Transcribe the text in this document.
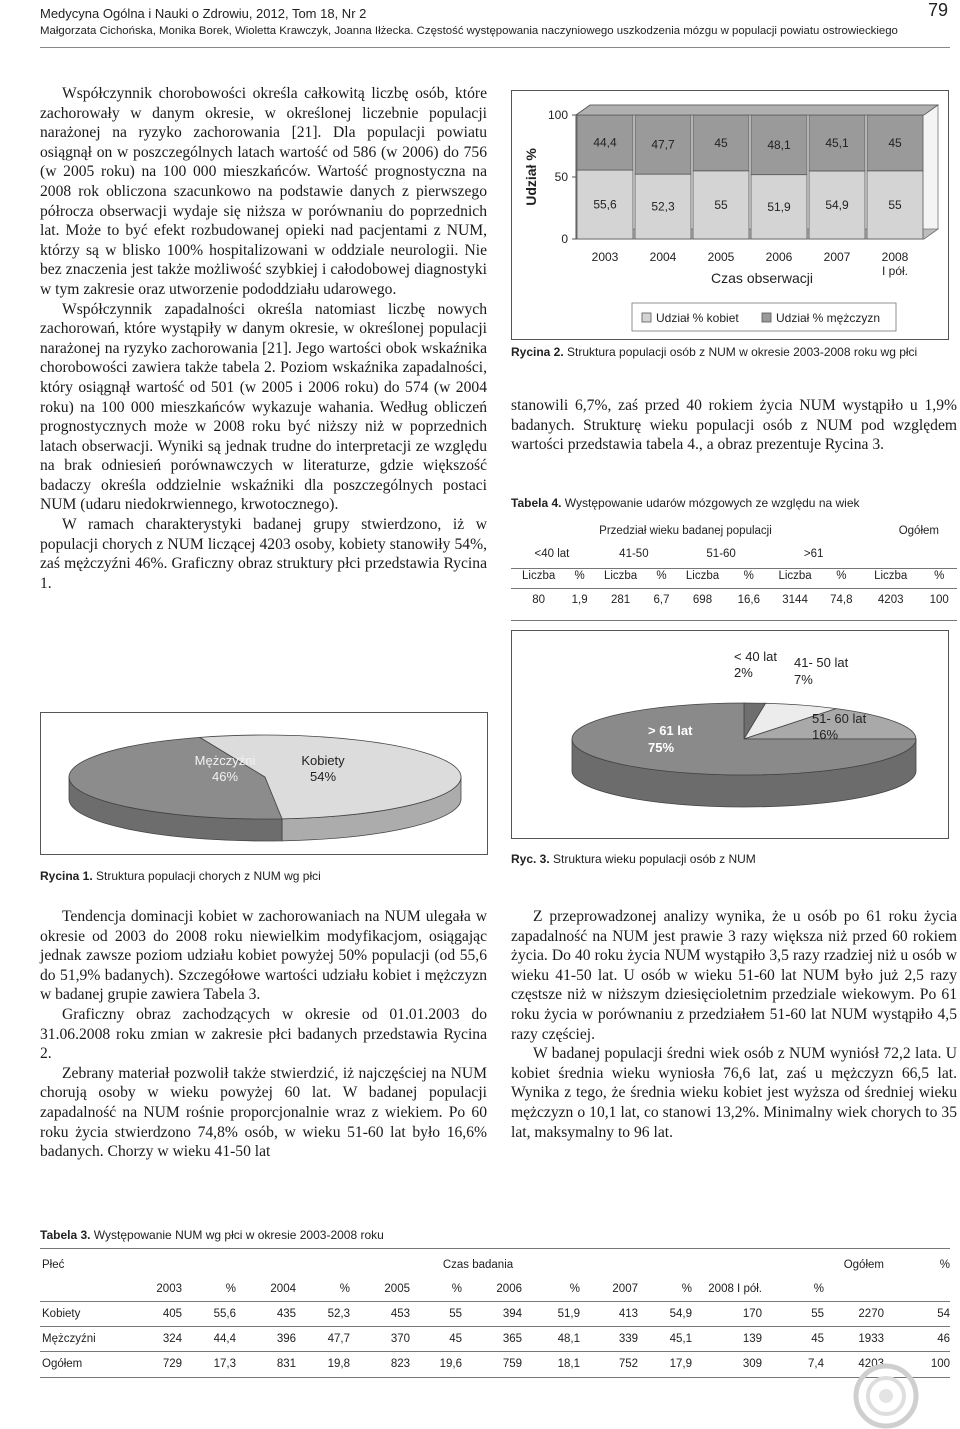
Medycyna Ogólna i Nauki o Zdrowiu, 2012, Tom 18, Nr 2
Małgorzata Cichońska, Monika Borek, Wioletta Krawczyk, Joanna Iłżecka. Częstość występowania naczyniowego uszkodzenia mózgu w populacji powiatu ostrowieckiego
79

Współczynnik chorobowości określa całkowitą liczbę osób, które zachorowały w danym okresie, w określonej liczebnie populacji narażonej na ryzyko zachorowania [21]. Dla populacji powiatu osiągnął on w poszczególnych latach wartość od 586 (w 2006) do 756 (w 2005 roku) na 100 000 mieszkańców. Wartość prognostyczna na 2008 rok obliczona szacunkowo na podstawie danych z pierwszego półrocza obserwacji wydaje się niższa w porównaniu do poprzednich lat. Może to być efekt rozbudowanej opieki nad pacjentami z NUM, którzy są w blisko 100% hospitalizowani w oddziale neurologii. Nie bez znaczenia jest także możliwość szybkiej i całodobowej diagnostyki w tym zakresie oraz utworzenie pododdziału udarowego.

Współczynnik zapadalności określa natomiast liczbę nowych zachorowań, które wystąpiły w danym okresie, w określonej populacji narażonej na ryzyko zachorowania [21]. Jego wartości obok wskaźnika chorobowości zawiera także tabela 2. Poziom wskaźnika zapadalności, który osiągnął wartość od 501 (w 2005 i 2006 roku) do 574 (w 2004 roku) na 100 000 mieszkańców wykazuje wahania. Według obliczeń prognostycznych może w 2008 roku być niższy niż w poprzednich latach obserwacji. Wyniki są jednak trudne do interpretacji ze względu na brak odniesień porównawczych w literaturze, gdzie większość badaczy określa oddzielnie wskaźniki dla poszczególnych postaci NUM (udaru niedokrwiennego, krwotocznego).

W ramach charakterystyki badanej grupy stwierdzono, iż w populacji chorych z NUM liczącej 4203 osoby, kobiety stanowiły 54%, zaś mężczyźni 46%. Graficzny obraz struktury płci przedstawia Rycina 1.

Mężczyźni
46%
Kobiety
54%
Rycina 1. Struktura populacji chorych z NUM wg płci

Tendencja dominacji kobiet w zachorowaniach na NUM ulegała w okresie od 2003 do 2008 roku niewielkim modyfikacjom, osiągając jednak zawsze poziom udziału kobiet powyżej 50% populacji (od 55,6 do 51,9% badanych). Szczegółowe wartości udziału kobiet i mężczyzn w badanej grupie zawiera Tabela 3.

Graficzny obraz zachodzących w okresie od 01.01.2003 do 31.06.2008 roku zmian w zakresie płci badanych przedstawia Rycina 2.

Zebrany materiał pozwolił także stwierdzić, iż najczęściej na NUM chorują osoby w wieku powyżej 60 lat. W badanej populacji zapadalność na NUM rośnie proporcjonalnie wraz z wiekiem. Po 60 roku życia stwierdzono 74,8% osób, w wieku 51-60 lat było 16,6% badanych. Chorzy w wieku 41-50 lat

0
50
100
Udział %	55,6
44,4
2003
52,3
47,7
2004
55
45
2005
51,9
48,1
2006
54,9
45,1
2007
55
45
2008
I pół.
Czas obserwacji
Udział % kobiet	Udział % mężczyzn
Rycina 2. Struktura populacji osób z NUM w okresie 2003-2008 roku wg płci

stanowili 6,7%, zaś przed 40 rokiem życia NUM wystąpiło u 1,9% badanych. Strukturę wieku populacji osób z NUM pod względem wartości przedstawia tabela 4., a obraz prezentuje Rycina 3.

Tabela 4. Występowanie udarów mózgowych ze względu na wiek
Przedział wieku badanej populacji								Ogółem	
<40 lat		41-50		51-60		>61			
Liczba	%	Liczba	%	Liczba	%	Liczba	%	Liczba	%
80	1,9	281	6,7	698	16,6	3144	74,8	4203	100
< 40 lat
2%
41- 50 lat
7%
51- 60 lat
16%
> 61 lat
75%
Ryc. 3. Struktura wieku populacji osób z NUM

Z przeprowadzonej analizy wynika, że u osób po 61 roku życia zapadalność na NUM jest prawie 3 razy większa niż przed 60 rokiem życia. Do 40 roku życia NUM wystąpiło 3,5 razy rzadziej niż u osób w wieku 41-50 lat. U osób w wieku 51-60 lat NUM było już 2,5 razy częstsze niż w niższym dziesięcioletnim przedziale wiekowym. Po 61 roku życia w porównaniu z przedziałem 51-60 lat NUM wystąpiło 4,5 razy częściej.

W badanej populacji średni wiek osób z NUM wyniósł 72,2 lata. U kobiet średnia wieku wyniosła 76,6 lat, zaś u mężczyzn 66,5 lat. Wynika z tego, że średnia wieku kobiet jest wyższa od średniej wieku mężczyzn o 10,1 lat, co stanowi 13,2%. Minimalny wiek chorych to 35 lat, maksymalny to 96 lat.

Tabela 3. Występowanie NUM wg płci w okresie 2003-2008 roku
Płeć	Czas badania												Ogółem	%
	2003	%	2004	%	2005	%	2006	%	2007	%	2008 I pół.	%		
Kobiety	405	55,6	435	52,3	453	55	394	51,9	413	54,9	170	55	2270	54
Mężczyźni	324	44,4	396	47,7	370	45	365	48,1	339	45,1	139	45	1933	46
Ogółem	729	17,3	831	19,8	823	19,6	759	18,1	752	17,9	309	7,4	4203	100
